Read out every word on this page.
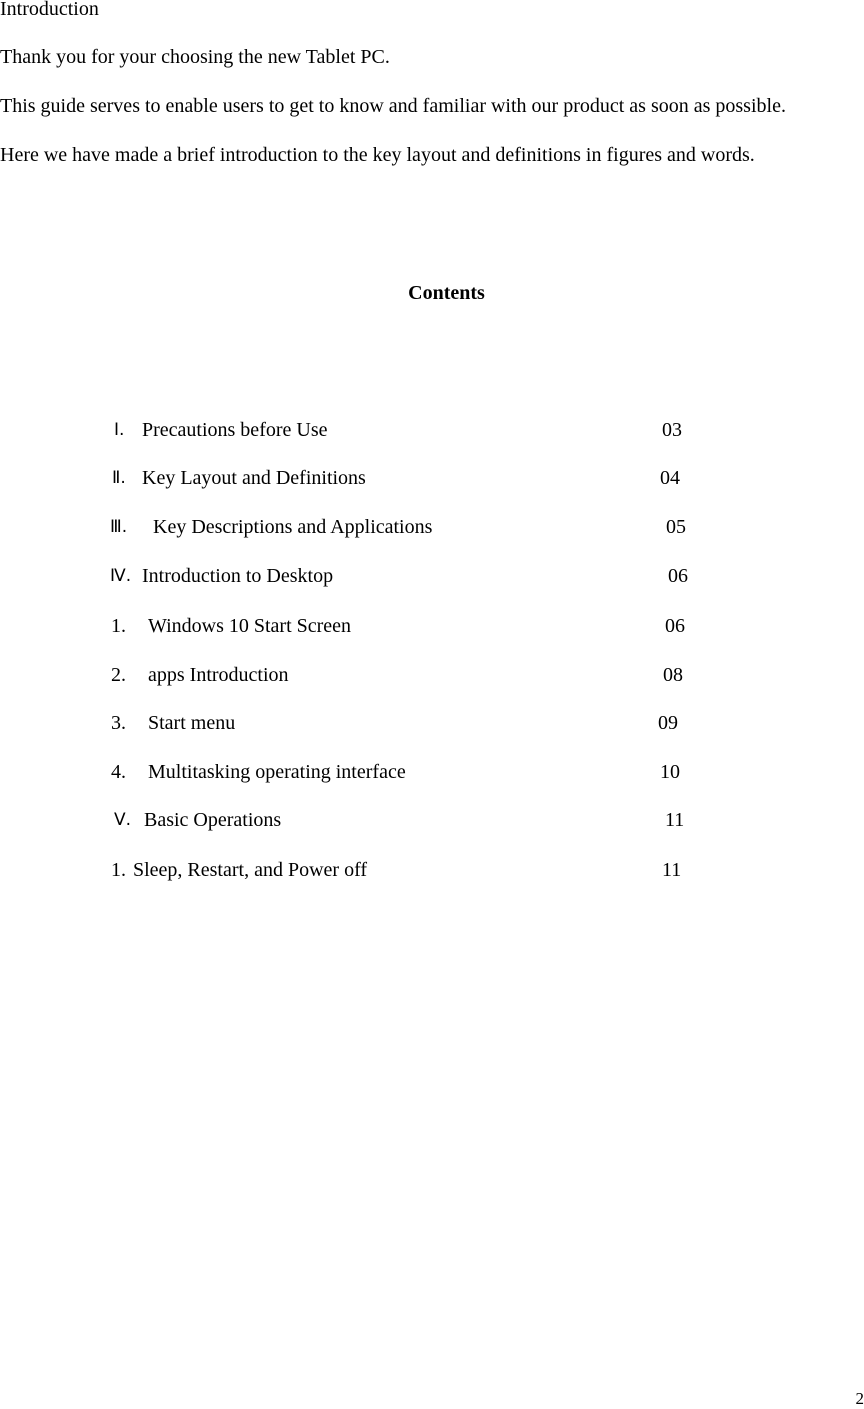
Introduction
Thank you for your choosing the new Tablet PC.
This guide serves to enable users to get to know and familiar with our product as soon as possible.
Here we have made a brief introduction to the key layout and definitions in figures and words.
Contents
Ⅰ. Precautions before Use	03
Ⅱ. Key Layout and Definitions	04
Ⅲ. Key Descriptions and Applications	05
Ⅳ. Introduction to Desktop	06
1. Windows 10 Start Screen	06
2. apps Introduction	08
3. Start menu	09
4. Multitasking operating interface	10
Ⅴ. Basic Operations	11
1. Sleep, Restart, and Power off	11
2
